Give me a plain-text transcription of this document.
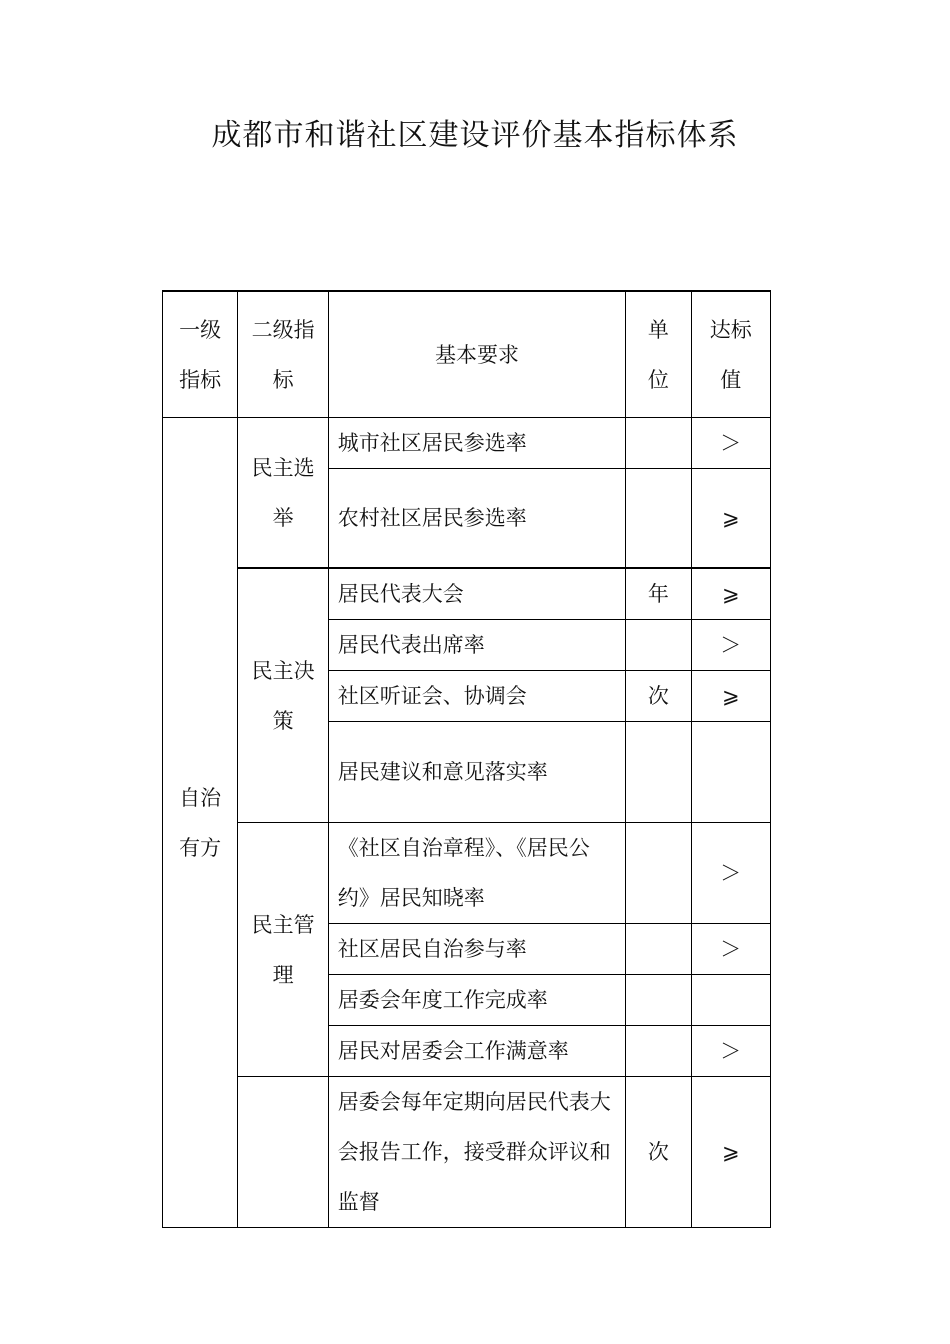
成都市和谐社区建设评价基本指标体系
一级指标	二级指标	基本要求	单位	达标值
自治有方	民主选举	城市社区居民参选率		＞
		农村社区居民参选率		⩾
	民主决策	居民代表大会	年	⩾
		居民代表出席率		＞
		社区听证会、协调会	次	⩾
		居民建议和意见落实率		
	民主管理	《社区自治章程》、《居民公约》居民知晓率		＞
		社区居民自治参与率		＞
		居委会年度工作完成率		
		居民对居委会工作满意率		＞

		居委会每年定期向居民代表大会报告工作，接受群众评议和监督	次	⩾
